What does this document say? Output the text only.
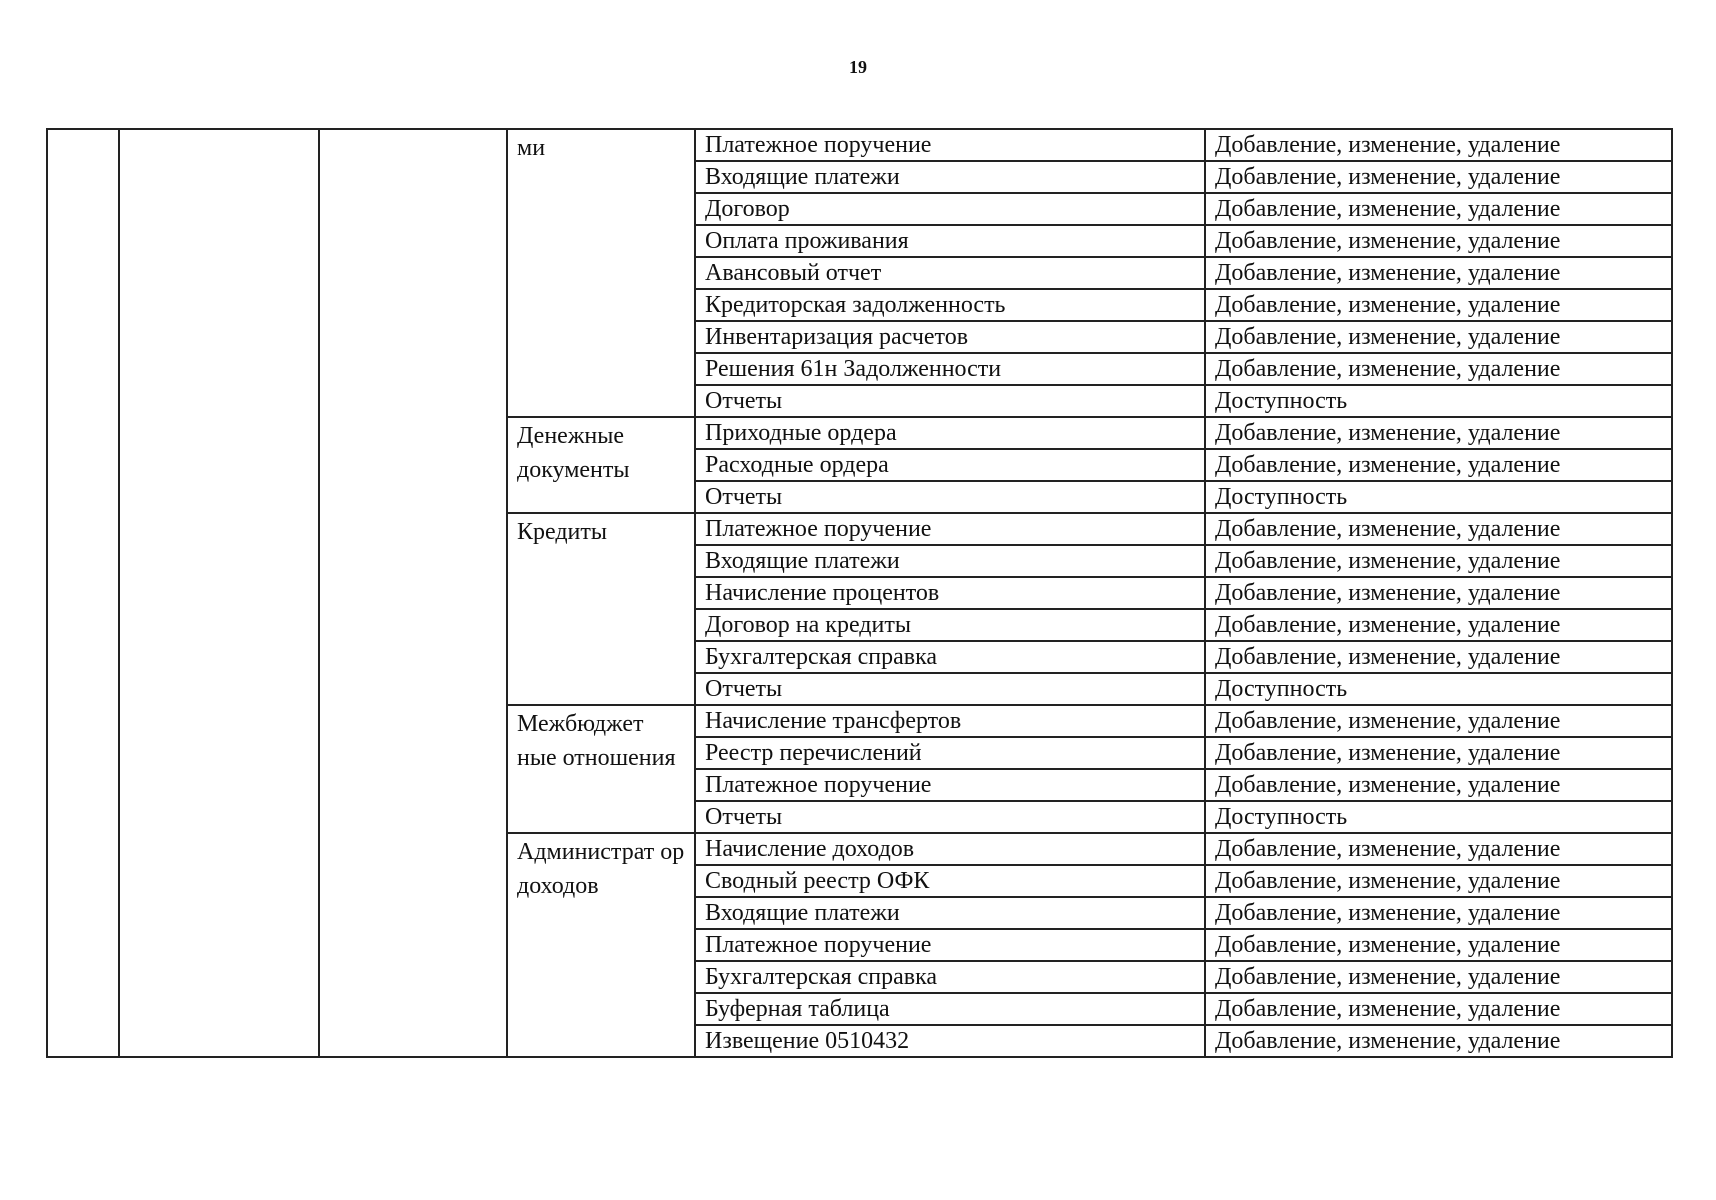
19
			ми	Платежное поручение	Добавление, изменение, удаление
				Входящие платежи	Добавление, изменение, удаление
				Договор	Добавление, изменение, удаление
				Оплата проживания	Добавление, изменение, удаление
				Авансовый отчет	Добавление, изменение, удаление
				Кредиторская задолженность	Добавление, изменение, удаление
				Инвентаризация расчетов	Добавление, изменение, удаление
				Решения 61н Задолженности	Добавление, изменение, удаление
				Отчеты	Доступность
			Денежные документы	Приходные ордера	Добавление, изменение, удаление
				Расходные ордера	Добавление, изменение, удаление
				Отчеты	Доступность
			Кредиты	Платежное поручение	Добавление, изменение, удаление
				Входящие платежи	Добавление, изменение, удаление
				Начисление процентов	Добавление, изменение, удаление
				Договор на кредиты	Добавление, изменение, удаление
				Бухгалтерская справка	Добавление, изменение, удаление
				Отчеты	Доступность
			Межбюджет ные отношения	Начисление трансфертов	Добавление, изменение, удаление
				Реестр перечислений	Добавление, изменение, удаление
				Платежное поручение	Добавление, изменение, удаление
				Отчеты	Доступность
			Администрат ор доходов	Начисление доходов	Добавление, изменение, удаление
				Сводный реестр ОФК	Добавление, изменение, удаление
				Входящие платежи	Добавление, изменение, удаление
				Платежное поручение	Добавление, изменение, удаление
				Бухгалтерская справка	Добавление, изменение, удаление
				Буферная таблица	Добавление, изменение, удаление
				Извещение 0510432	Добавление, изменение, удаление
